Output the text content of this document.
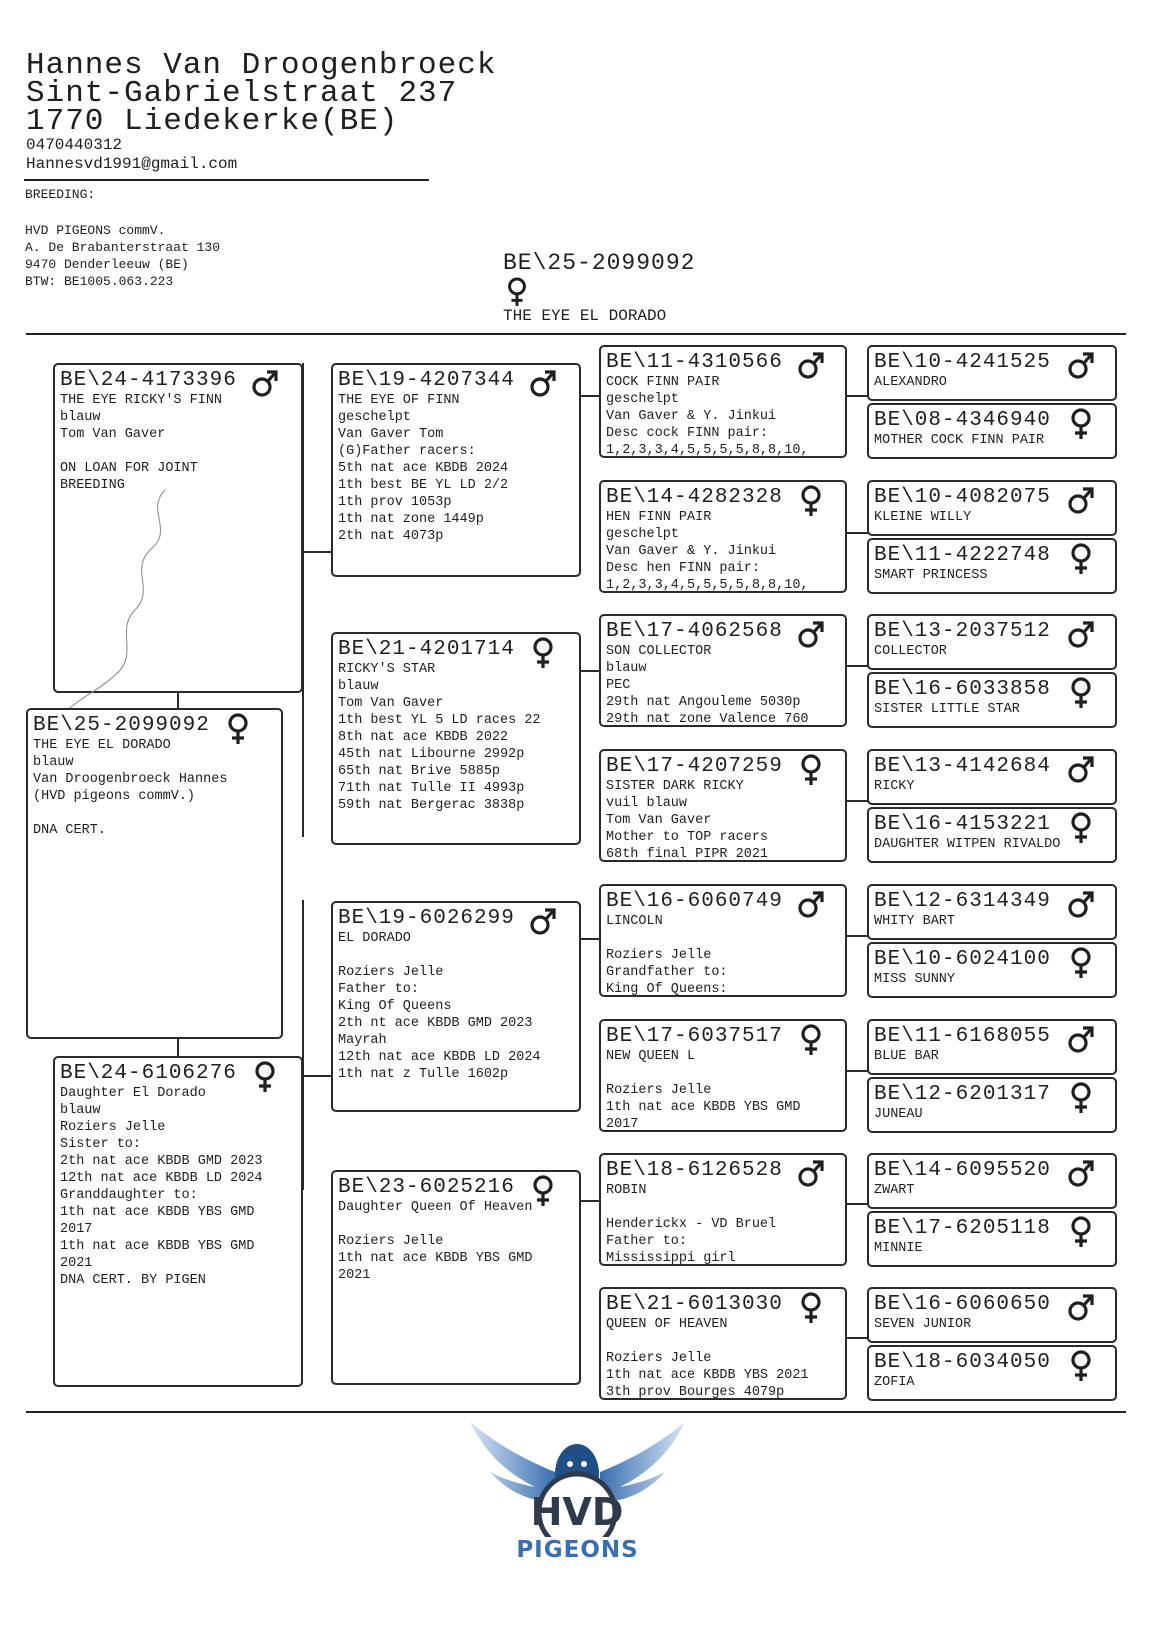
Hannes Van Droogenbroeck
Sint-Gabrielstraat 237
1770 Liedekerke(BE)
0470440312
Hannesvd1991@gmail.com
BREEDING:
HVD PIGEONS commV.
A. De Brabanterstraat 130
9470 Denderleeuw (BE)
BTW: BE1005.063.223
BE\25-2099092
THE EYE EL DORADO
BE\24-4173396
THE EYE RICKY'S FINN
blauw
Tom Van Gaver

ON LOAN FOR JOINT
BREEDING
BE\25-2099092
THE EYE EL DORADO
blauw
Van Droogenbroeck Hannes
(HVD pigeons commV.)

DNA CERT.
BE\24-6106276
Daughter El Dorado
blauw
Roziers Jelle
Sister to:
2th nat ace KBDB GMD 2023
12th nat ace KBDB LD 2024
Granddaughter to:
1th nat ace KBDB YBS GMD
2017
1th nat ace KBDB YBS GMD
2021
DNA CERT. BY PIGEN
BE\19-4207344
THE EYE OF FINN
geschelpt
Van Gaver Tom
(G)Father racers:
5th nat ace KBDB 2024
1th best BE YL LD 2/2
1th prov 1053p
1th nat zone 1449p
2th nat 4073p
BE\21-4201714
RICKY'S STAR
blauw
Tom Van Gaver
1th best YL 5 LD races 22
8th nat ace KBDB 2022
45th nat Libourne 2992p
65th nat Brive 5885p
71th nat Tulle II 4993p
59th nat Bergerac 3838p
BE\19-6026299
EL DORADO

Roziers Jelle
Father to:
King Of Queens
2th nt ace KBDB GMD 2023
Mayrah
12th nat ace KBDB LD 2024
1th nat z Tulle 1602p
BE\23-6025216
Daughter Queen Of Heaven

Roziers Jelle
1th nat ace KBDB YBS GMD
2021
BE\11-4310566
COCK FINN PAIR
geschelpt
Van Gaver & Y. Jinkui
Desc cock FINN pair:
1,2,3,3,4,5,5,5,5,8,8,10,
BE\14-4282328
HEN FINN PAIR
geschelpt
Van Gaver & Y. Jinkui
Desc hen FINN pair:
1,2,3,3,4,5,5,5,5,8,8,10,
BE\17-4062568
SON COLLECTOR
blauw
PEC
29th nat Angouleme 5030p
29th nat zone Valence 760
BE\17-4207259
SISTER DARK RICKY
vuil blauw
Tom Van Gaver
Mother to TOP racers
68th final PIPR 2021
BE\16-6060749
LINCOLN

Roziers Jelle
Grandfather to:
King Of Queens:
BE\17-6037517
NEW QUEEN L

Roziers Jelle
1th nat ace KBDB YBS GMD
2017
BE\18-6126528
ROBIN

Henderickx - VD Bruel
Father to:
Mississippi girl
BE\21-6013030
QUEEN OF HEAVEN

Roziers Jelle
1th nat ace KBDB YBS 2021
3th prov Bourges 4079p
BE\10-4241525
ALEXANDRO
BE\08-4346940
MOTHER COCK FINN PAIR
BE\10-4082075
KLEINE WILLY
BE\11-4222748
SMART PRINCESS
BE\13-2037512
COLLECTOR
BE\16-6033858
SISTER LITTLE STAR
BE\13-4142684
RICKY
BE\16-4153221
DAUGHTER WITPEN RIVALDO
BE\12-6314349
WHITY BART
BE\10-6024100
MISS SUNNY
BE\11-6168055
BLUE BAR
BE\12-6201317
JUNEAU
BE\14-6095520
ZWART
BE\17-6205118
MINNIE
BE\16-6060650
SEVEN JUNIOR
BE\18-6034050
ZOFIA
HVD
PIGEONS
